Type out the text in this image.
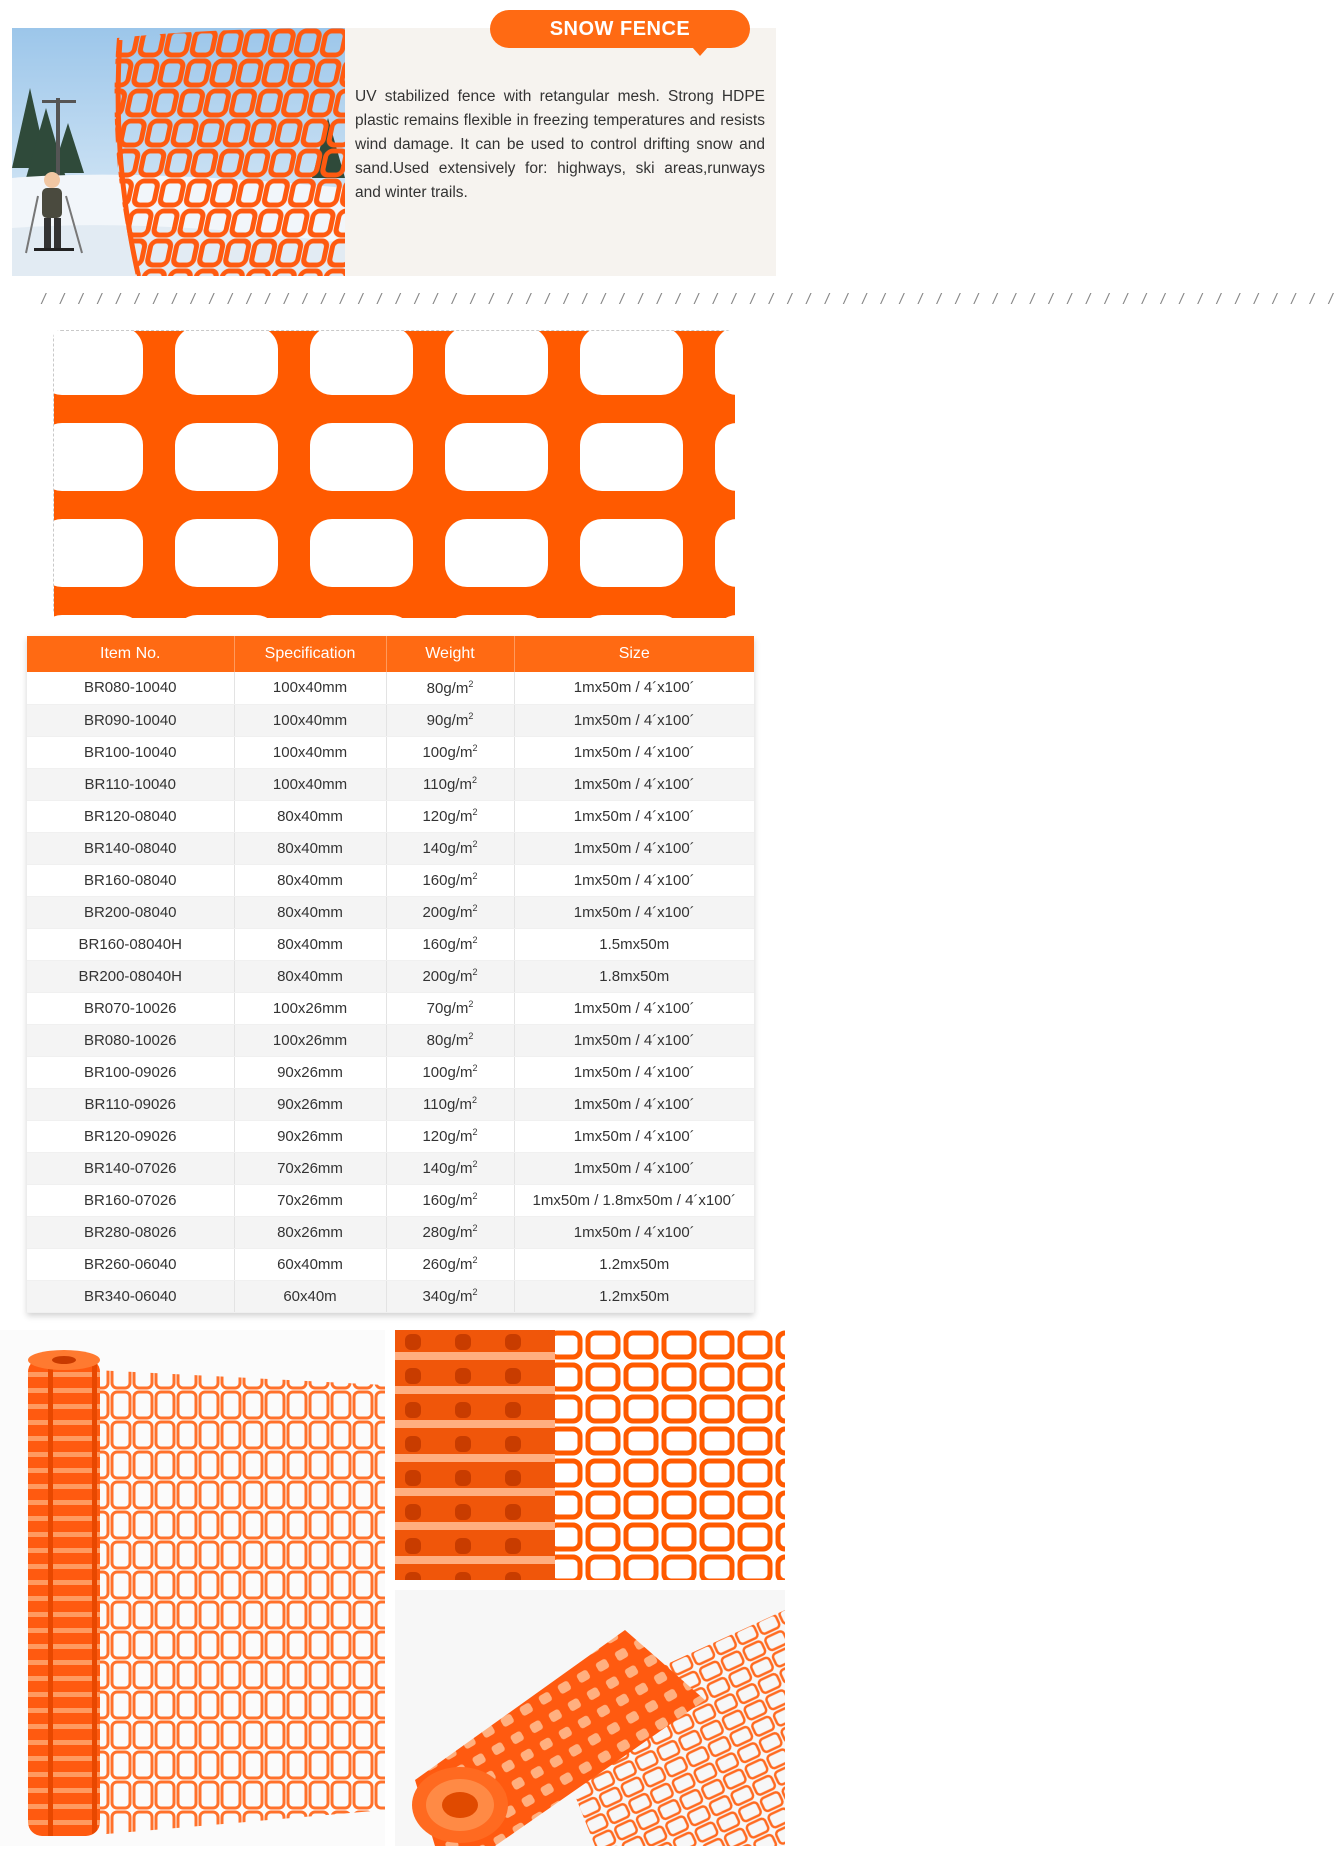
SNOW FENCE

UV stabilized fence with retangular mesh. Strong HDPE plastic remains flexible in freezing temperatures and resists wind damage. It can be used to control drifting snow and sand.Used extensively for: highways, ski areas,runways and winter trails.

/ / / / / / / / / / / / / / / / / / / / / / / / / / / / / / / / / / / / / / / / / / / / / / / / / / / / / / / / / / / / / / / / / / / / / /
Item No.	Specification	Weight	Size
BR080-10040	100x40mm	$80g/m^2$	1mx50m / 4´x100´
BR090-10040	100x40mm	$90g/m^2$	1mx50m / 4´x100´
BR100-10040	100x40mm	$100g/m^2$	1mx50m / 4´x100´
BR110-10040	100x40mm	$110g/m^2$	1mx50m / 4´x100´
BR120-08040	80x40mm	$120g/m^2$	1mx50m / 4´x100´
BR140-08040	80x40mm	$140g/m^2$	1mx50m / 4´x100´
BR160-08040	80x40mm	$160g/m^2$	1mx50m / 4´x100´
BR200-08040	80x40mm	$200g/m^2$	1mx50m / 4´x100´
BR160-08040H	80x40mm	$160g/m^2$	1.5mx50m
BR200-08040H	80x40mm	$200g/m^2$	1.8mx50m
BR070-10026	100x26mm	$70g/m^2$	1mx50m / 4´x100´
BR080-10026	100x26mm	$80g/m^2$	1mx50m / 4´x100´
BR100-09026	90x26mm	$100g/m^2$	1mx50m / 4´x100´
BR110-09026	90x26mm	$110g/m^2$	1mx50m / 4´x100´
BR120-09026	90x26mm	$120g/m^2$	1mx50m / 4´x100´
BR140-07026	70x26mm	$140g/m^2$	1mx50m / 4´x100´
BR160-07026	70x26mm	$160g/m^2$	1mx50m / 1.8mx50m / 4´x100´
BR280-08026	80x26mm	$280g/m^2$	1mx50m / 4´x100´
BR260-06040	60x40mm	$260g/m^2$	1.2mx50m
BR340-06040	60x40m	$340g/m^2$	1.2mx50m
